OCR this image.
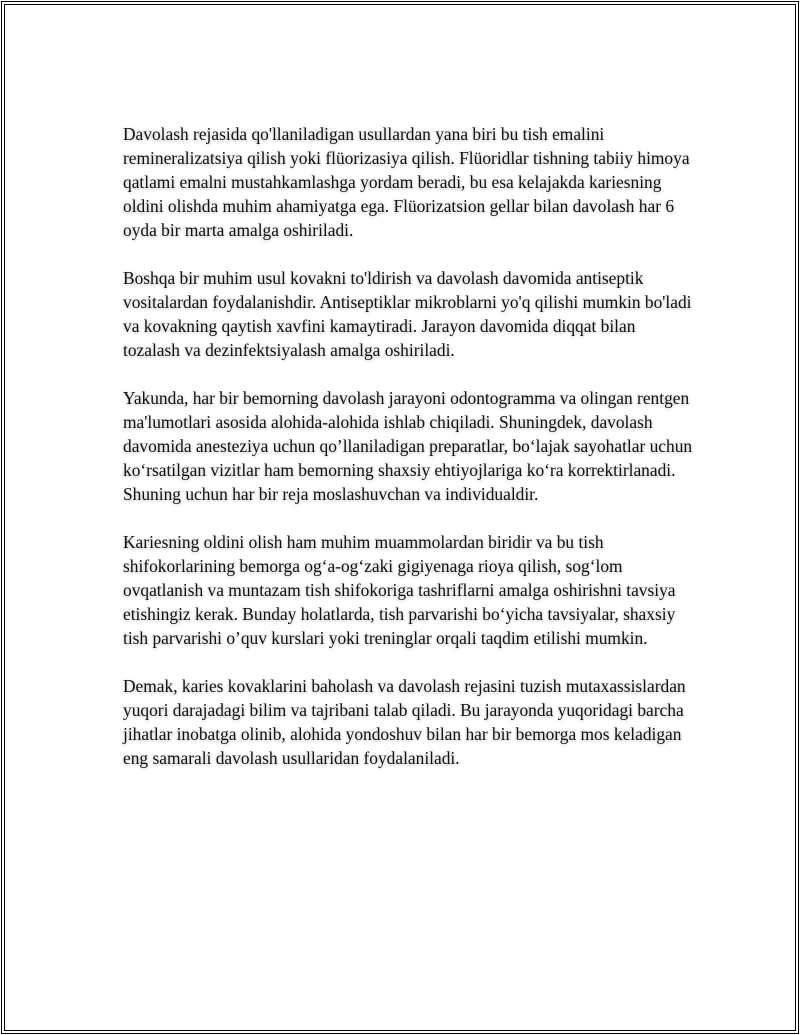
Davolash rejasida qo'llaniladigan usullardan yana biri bu tish emalini remineralizatsiya qilish yoki flüorizasiya qilish. Flüoridlar tishning tabiiy himoya qatlami emalni mustahkamlashga yordam beradi, bu esa kelajakda kariesning oldini olishda muhim ahamiyatga ega. Flüorizatsion gellar bilan davolash har 6 oyda bir marta amalga oshiriladi.

Boshqa bir muhim usul kovakni to'ldirish va davolash davomida antiseptik vositalardan foydalanishdir. Antiseptiklar mikroblarni yo'q qilishi mumkin bo'ladi va kovakning qaytish xavfini kamaytiradi. Jarayon davomida diqqat bilan tozalash va dezinfektsiyalash amalga oshiriladi.

Yakunda, har bir bemorning davolash jarayoni odontogramma va olingan rentgen ma'lumotlari asosida alohida-alohida ishlab chiqiladi. Shuningdek, davolash davomida anesteziya uchun qo’llaniladigan preparatlar, bo‘lajak sayohatlar uchun ko‘rsatilgan vizitlar ham bemorning shaxsiy ehtiyojlariga ko‘ra korrektirlanadi. Shuning uchun har bir reja moslashuvchan va individualdir.

Kariesning oldini olish ham muhim muammolardan biridir va bu tish shifokorlarining bemorga og‘a-og‘zaki gigiyenaga rioya qilish, sog‘lom ovqatlanish va muntazam tish shifokoriga tashriflarni amalga oshirishni tavsiya etishingiz kerak. Bunday holatlarda, tish parvarishi bo‘yicha tavsiyalar, shaxsiy tish parvarishi o’quv kurslari yoki treninglar orqali taqdim etilishi mumkin.

Demak, karies kovaklarini baholash va davolash rejasini tuzish mutaxassislardan yuqori darajadagi bilim va tajribani talab qiladi. Bu jarayonda yuqoridagi barcha jihatlar inobatga olinib, alohida yondoshuv bilan har bir bemorga mos keladigan eng samarali davolash usullaridan foydalaniladi.
